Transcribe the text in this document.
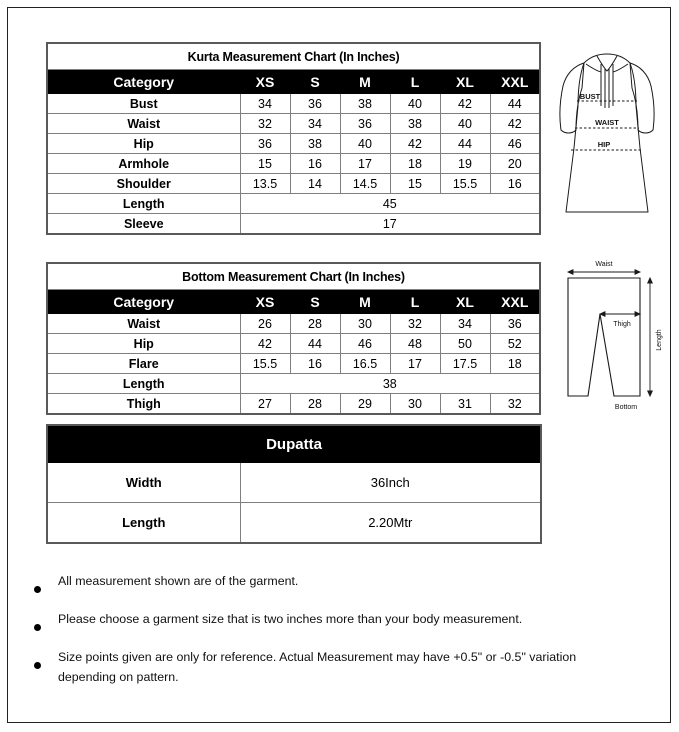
Kurta Measurement Chart (In Inches)						
Category	XS	S	M	L	XL	XXL
Bust	34	36	38	40	42	44
Waist	32	34	36	38	40	42
Hip	36	38	40	42	44	46
Armhole	15	16	17	18	19	20
Shoulder	13.5	14	14.5	15	15.5	16
Length	45					
Sleeve	17					
Bottom Measurement Chart (In Inches)						
Category	XS	S	M	L	XL	XXL
Waist	26	28	30	32	34	36
Hip	42	44	46	48	50	52
Flare	15.5	16	16.5	17	17.5	18
Length	38					
Thigh	27	28	29	30	31	32
Dupatta	
Width	36Inch
Length	2.20Mtr
BUST
WAIST
HIP
Waist
Thigh
Length
Bottom
All measurement shown are of the garment.
Please choose a garment size that is two inches more than your body measurement.
Size points given are only for reference. Actual Measurement may have +0.5" or -0.5" variation depending on pattern.
